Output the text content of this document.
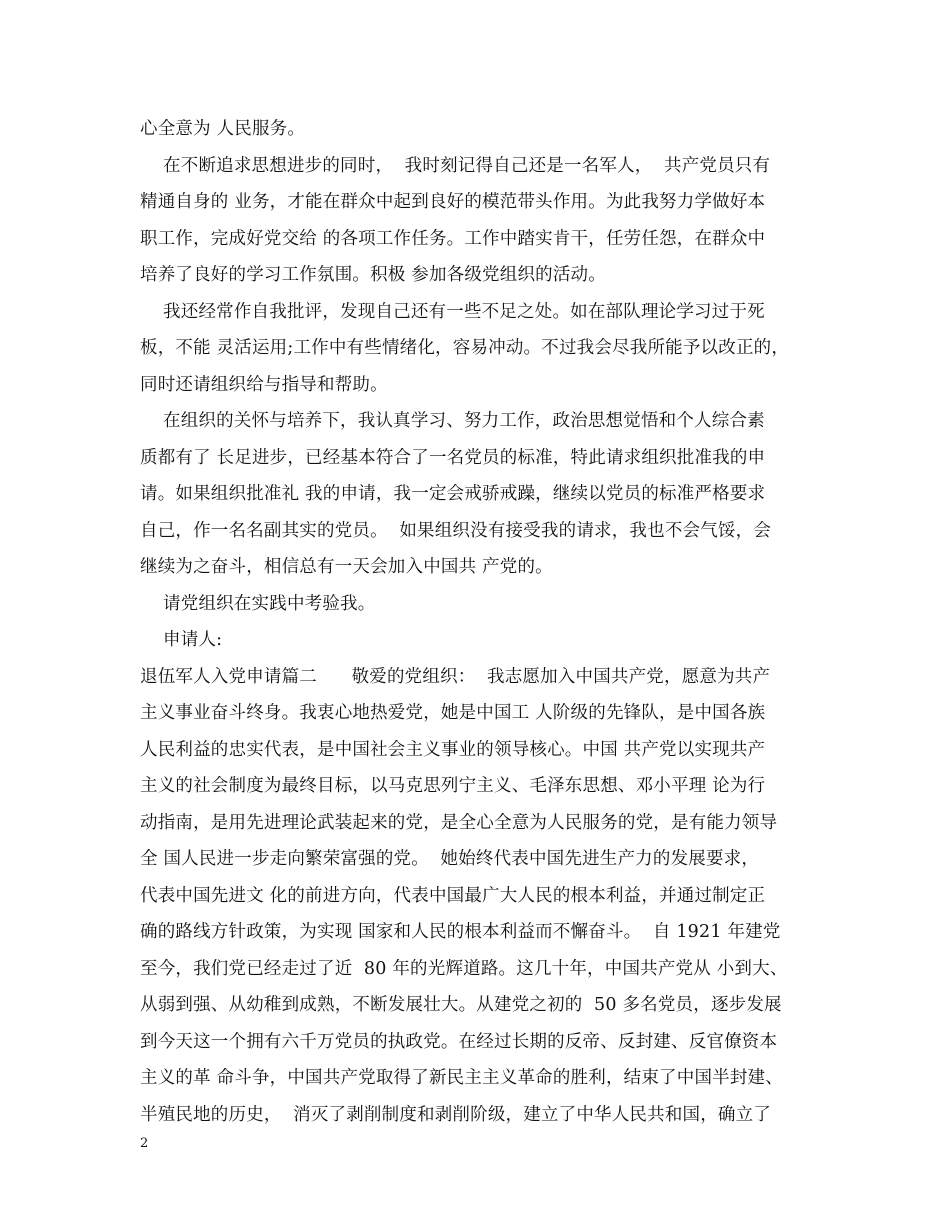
心全意为 人民服务。
在不断追求思想进步的同时，  我时刻记得自己还是一名军人，  共产党员只有
精通自身的 业务，才能在群众中起到良好的模范带头作用。为此我努力学做好本
职工作，完成好党交给 的各项工作任务。工作中踏实肯干，任劳任怨，在群众中
培养了良好的学习工作氛围。积极 参加各级党组织的活动。
我还经常作自我批评，发现自己还有一些不足之处。如在部队理论学习过于死
板，不能 灵活运用;工作中有些情绪化，容易冲动。不过我会尽我所能予以改正的，
同时还请组织给与指导和帮助。
在组织的关怀与培养下，我认真学习、努力工作，政治思想觉悟和个人综合素
质都有了 长足进步，已经基本符合了一名党员的标准，特此请求组织批准我的申
请。如果组织批准礼 我的申请，我一定会戒骄戒躁，继续以党员的标准严格要求
自己，作一名名副其实的党员。  如果组织没有接受我的请求，我也不会气馁，会
继续为之奋斗，相信总有一天会加入中国共 产党的。
请党组织在实践中考验我。
申请人:
退伍军人入党申请篇二      敬爱的党组织：  我志愿加入中国共产党，愿意为共产
主义事业奋斗终身。我衷心地热爱党，她是中国工 人阶级的先锋队，是中国各族
人民利益的忠实代表，是中国社会主义事业的领导核心。中国 共产党以实现共产
主义的社会制度为最终目标，以马克思列宁主义、毛泽东思想、邓小平理 论为行
动指南，是用先进理论武装起来的党，是全心全意为人民服务的党，是有能力领导
全 国人民进一步走向繁荣富强的党。  她始终代表中国先进生产力的发展要求，
代表中国先进文 化的前进方向，代表中国最广大人民的根本利益，并通过制定正
确的路线方针政策，为实现 国家和人民的根本利益而不懈奋斗。  自 1921 年建党
至今，我们党已经走过了近  80 年的光辉道路。这几十年，中国共产党从 小到大、
从弱到强、从幼稚到成熟，不断发展壮大。从建党之初的  50 多名党员，逐步发展
到今天这一个拥有六千万党员的执政党。在经过长期的反帝、反封建、反官僚资本
主义的革 命斗争，中国共产党取得了新民主主义革命的胜利，结束了中国半封建、
半殖民地的历史，  消灭了剥削制度和剥削阶级，建立了中华人民共和国，确立了
2
